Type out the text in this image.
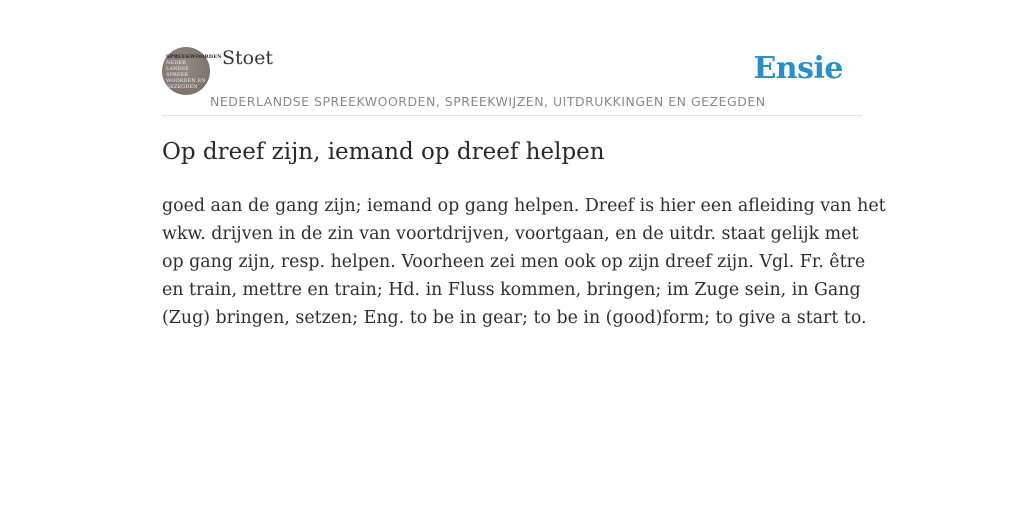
SPREEKWOORDEN
NEDER
LANDSE
SPREEK
WOORDEN EN
GEZEGDEN
Stoet
NEDERLANDSE SPREEKWOORDEN, SPREEKWIJZEN, UITDRUKKINGEN EN GEZEGDEN
Ensie
Op dreef zijn, iemand op dreef helpen
goed aan de gang zijn; iemand op gang helpen. Dreef is hier een afleiding van het
wkw. drijven in de zin van voortdrijven, voortgaan, en de uitdr. staat gelijk met
op gang zijn, resp. helpen. Voorheen zei men ook op zijn dreef zijn. Vgl. Fr. être
en train, mettre en train; Hd. in Fluss kommen, bringen; im Zuge sein, in Gang
(Zug) bringen, setzen; Eng. to be in gear; to be in (good)form; to give a start to.
